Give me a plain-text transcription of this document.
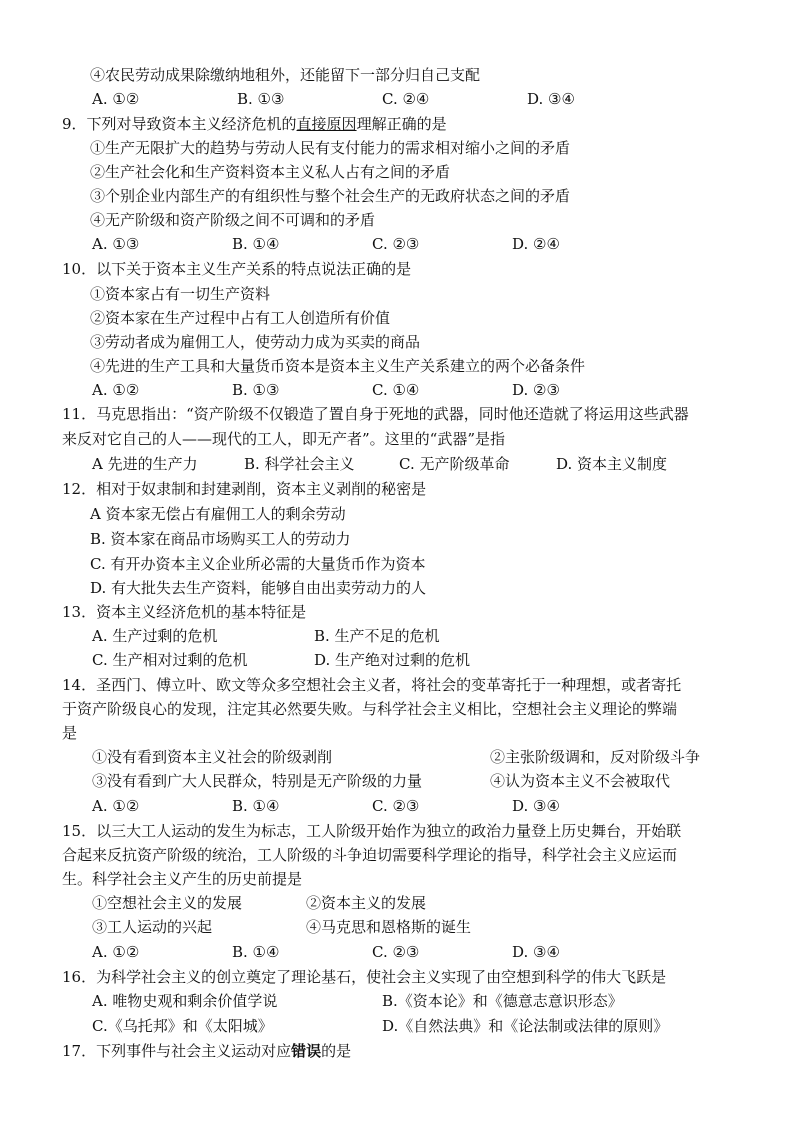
④农民劳动成果除缴纳地租外，还能留下一部分归自己支配
A. ①②	B. ①③	C. ②④	D. ③④
9．下列对导致资本主义经济危机的直接原因理解正确的是
①生产无限扩大的趋势与劳动人民有支付能力的需求相对缩小之间的矛盾
②生产社会化和生产资料资本主义私人占有之间的矛盾
③个别企业内部生产的有组织性与整个社会生产的无政府状态之间的矛盾
④无产阶级和资产阶级之间不可调和的矛盾
A. ①③	B. ①④	C. ②③	D. ②④
10．以下关于资本主义生产关系的特点说法正确的是
①资本家占有一切生产资料
②资本家在生产过程中占有工人创造所有价值
③劳动者成为雇佣工人，使劳动力成为买卖的商品
④先进的生产工具和大量货币资本是资本主义生产关系建立的两个必备条件
A. ①②	B. ①③	C. ①④	D. ②③
11．马克思指出：“资产阶级不仅锻造了置自身于死地的武器，同时他还造就了将运用这些武器
来反对它自己的人——现代的工人，即无产者”。这里的“武器”是指
A 先进的生产力	B. 科学社会主义	C. 无产阶级革命	D. 资本主义制度
12．相对于奴隶制和封建剥削，资本主义剥削的秘密是
A 资本家无偿占有雇佣工人的剩余劳动
B. 资本家在商品市场购买工人的劳动力
C. 有开办资本主义企业所必需的大量货币作为资本
D. 有大批失去生产资料，能够自由出卖劳动力的人
13．资本主义经济危机的基本特征是
A. 生产过剩的危机	B. 生产不足的危机
C. 生产相对过剩的危机	D. 生产绝对过剩的危机
14．圣西门、傅立叶、欧文等众多空想社会主义者，将社会的变革寄托于一种理想，或者寄托
于资产阶级良心的发现，注定其必然要失败。与科学社会主义相比，空想社会主义理论的弊端
是
①没有看到资本主义社会的阶级剥削	②主张阶级调和，反对阶级斗争
③没有看到广大人民群众，特别是无产阶级的力量	④认为资本主义不会被取代
A. ①②	B. ①④	C. ②③	D. ③④
15．以三大工人运动的发生为标志，工人阶级开始作为独立的政治力量登上历史舞台，开始联
合起来反抗资产阶级的统治，工人阶级的斗争迫切需要科学理论的指导，科学社会主义应运而
生。科学社会主义产生的历史前提是
①空想社会主义的发展	②资本主义的发展
③工人运动的兴起	④马克思和恩格斯的诞生
A. ①②	B. ①④	C. ②③	D. ③④
16．为科学社会主义的创立奠定了理论基石，使社会主义实现了由空想到科学的伟大飞跃是
A. 唯物史观和剩余价值学说	B.《资本论》和《德意志意识形态》
C.《乌托邦》和《太阳城》	D.《自然法典》和《论法制或法律的原则》
17．下列事件与社会主义运动对应错误的是
